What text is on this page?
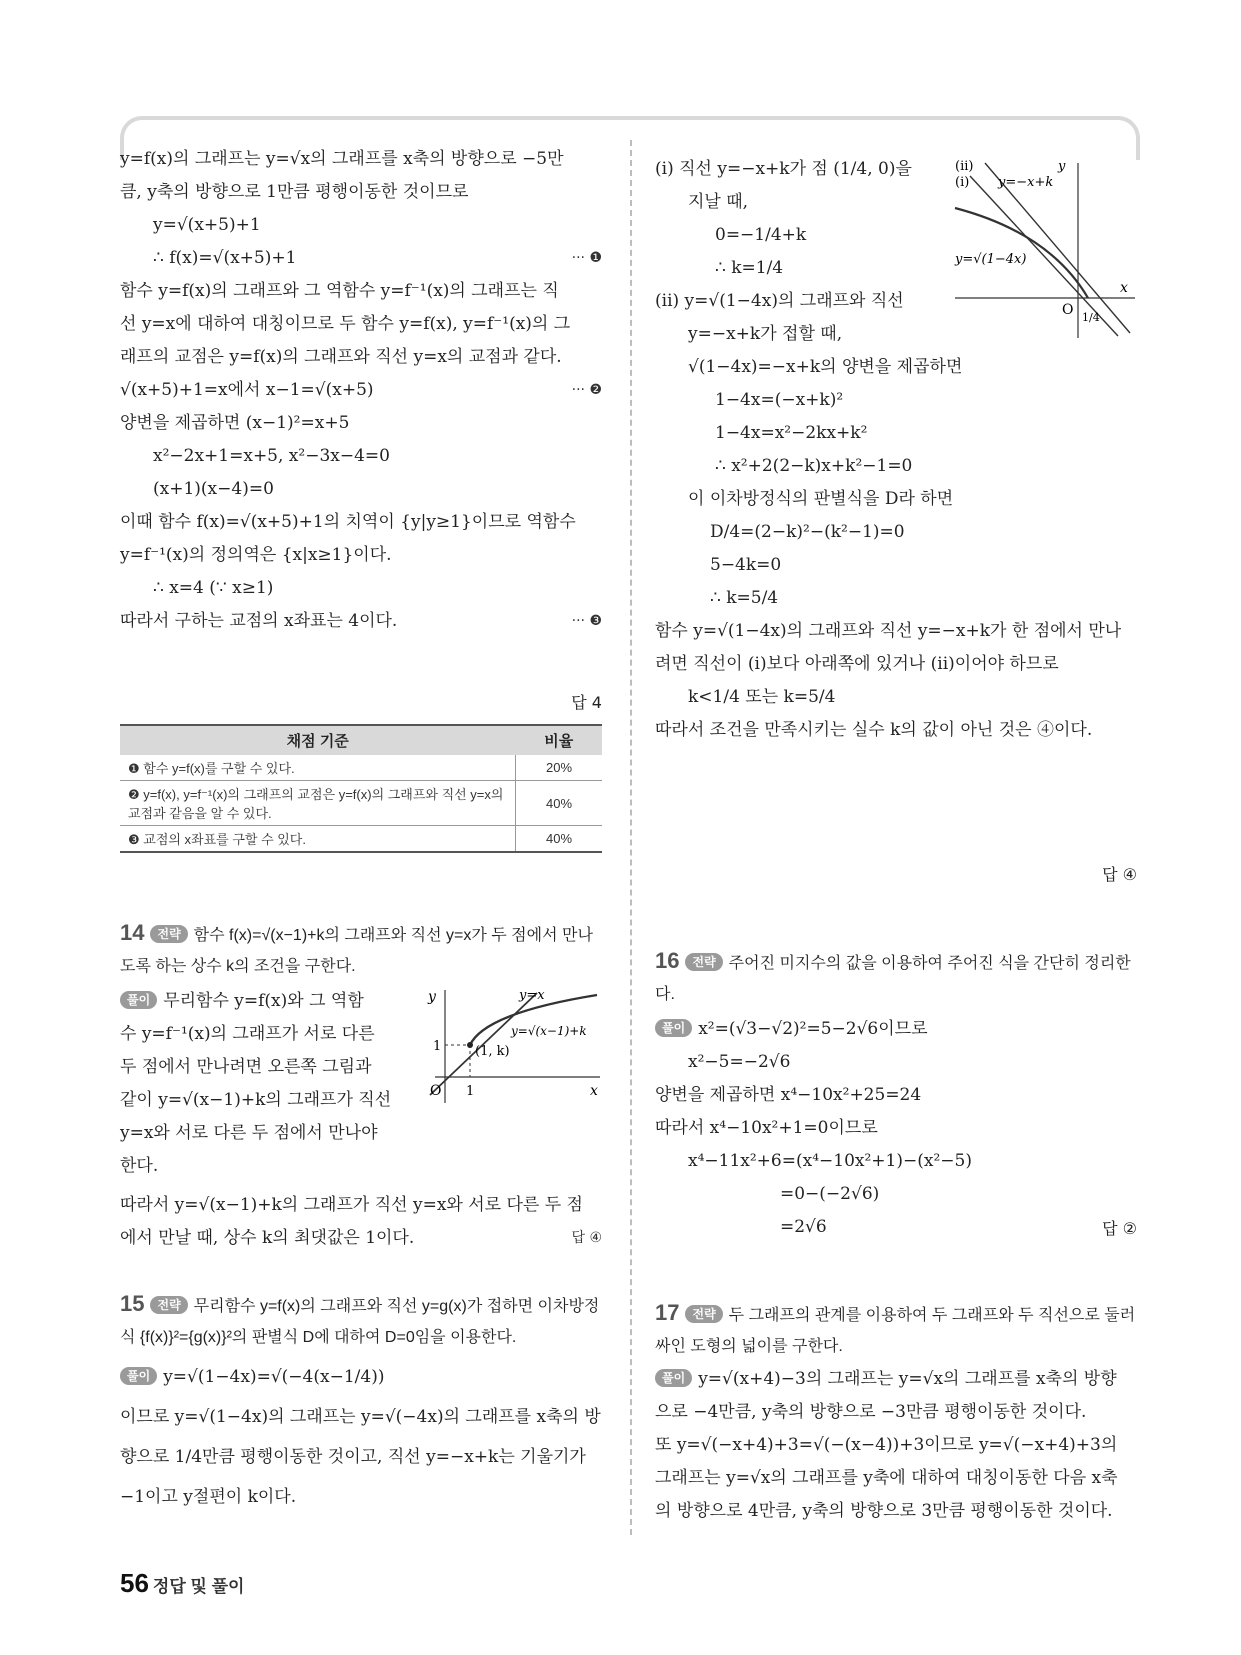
y=f(x)의 그래프는 y=√x의 그래프를 x축의 방향으로 −5만
큼, y축의 방향으로 1만큼 평행이동한 것이므로
y=√(x+5)+1
∴ f(x)=√(x+5)+1	··· ❶
함수 y=f(x)의 그래프와 그 역함수 y=f⁻¹(x)의 그래프는 직
선 y=x에 대하여 대칭이므로 두 함수 y=f(x), y=f⁻¹(x)의 그
래프의 교점은 y=f(x)의 그래프와 직선 y=x의 교점과 같다.
··· ❷
√(x+5)+1=x에서 x−1=√(x+5)
양변을 제곱하면 (x−1)²=x+5
x²−2x+1=x+5, x²−3x−4=0
(x+1)(x−4)=0
이때 함수 f(x)=√(x+5)+1의 치역이 {y|y≥1}이므로 역함수
y=f⁻¹(x)의 정의역은 {x|x≥1}이다.
∴ x=4 (∵ x≥1)
따라서 구하는 교점의 x좌표는 4이다.	··· ❸
답 4
채점 기준	비율
❶ 함수 y=f(x)를 구할 수 있다.	20%
❷ y=f(x), y=f⁻¹(x)의 그래프의 교점은 y=f(x)의 그래프와 직선 y=x의 교점과 같음을 알 수 있다.	40%
❸ 교점의 x좌표를 구할 수 있다.	40%
14 전략 함수 f(x)=√(x−1)+k의 그래프와 직선 y=x가 두 점에서 만나도록 하는 상수 k의 조건을 구한다.
풀이 무리함수 y=f(x)와 그 역함
수 y=f⁻¹(x)의 그래프가 서로 다른
두 점에서 만나려면 오른쪽 그림과
같이 y=√(x−1)+k의 그래프가 직선
y=x와 서로 다른 두 점에서 만나야
한다.
y
x
O 1
1
y=x
y=√(x−1)+k
(1, k)
따라서 y=√(x−1)+k의 그래프가 직선 y=x와 서로 다른 두 점
에서 만날 때, 상수 k의 최댓값은 1이다.	답 ④
15 전략 무리함수 y=f(x)의 그래프와 직선 y=g(x)가 접하면 이차방정식 {f(x)}²={g(x)}²의 판별식 D에 대하여 D=0임을 이용한다.
풀이 y=√(1−4x)=√(−4(x−1/4))
이므로 y=√(1−4x)의 그래프는 y=√(−4x)의 그래프를 x축의 방
향으로 1/4만큼 평행이동한 것이고, 직선 y=−x+k는 기울기가
−1이고 y절편이 k이다.
(i) 직선 y=−x+k가 점 (1/4, 0)을
지날 때,
0=−1/4+k
∴ k=1/4
(ii) y=√(1−4x)의 그래프와 직선
y=−x+k가 접할 때,
√(1−4x)=−x+k의 양변을 제곱하면
1−4x=(−x+k)²
1−4x=x²−2kx+k²
∴ x²+2(2−k)x+k²−1=0
이 이차방정식의 판별식을 D라 하면
D/4=(2−k)²−(k²−1)=0
5−4k=0
∴ k=5/4
함수 y=√(1−4x)의 그래프와 직선 y=−x+k가 한 점에서 만나
려면 직선이 (i)보다 아래쪽에 있거나 (ii)이어야 하므로
k<1/4 또는 k=5/4
따라서 조건을 만족시키는 실수 k의 값이 아닌 것은 ④이다.
y
x
O 1/4
(ii)
(i) y=−x+k
y=√(1−4x)
답 ④
16 전략 주어진 미지수의 값을 이용하여 주어진 식을 간단히 정리한다.
풀이 x²=(√3−√2)²=5−2√6이므로
x²−5=−2√6
양변을 제곱하면 x⁴−10x²+25=24
따라서 x⁴−10x²+1=0이므로
x⁴−11x²+6=(x⁴−10x²+1)−(x²−5)
=0−(−2√6)
=2√6	답 ②
17 전략 두 그래프의 관계를 이용하여 두 그래프와 두 직선으로 둘러싸인 도형의 넓이를 구한다.
풀이 y=√(x+4)−3의 그래프는 y=√x의 그래프를 x축의 방향
으로 −4만큼, y축의 방향으로 −3만큼 평행이동한 것이다.
또 y=√(−x+4)+3=√(−(x−4))+3이므로 y=√(−x+4)+3의
그래프는 y=√x의 그래프를 y축에 대하여 대칭이동한 다음 x축
의 방향으로 4만큼, y축의 방향으로 3만큼 평행이동한 것이다.
56 정답 및 풀이
